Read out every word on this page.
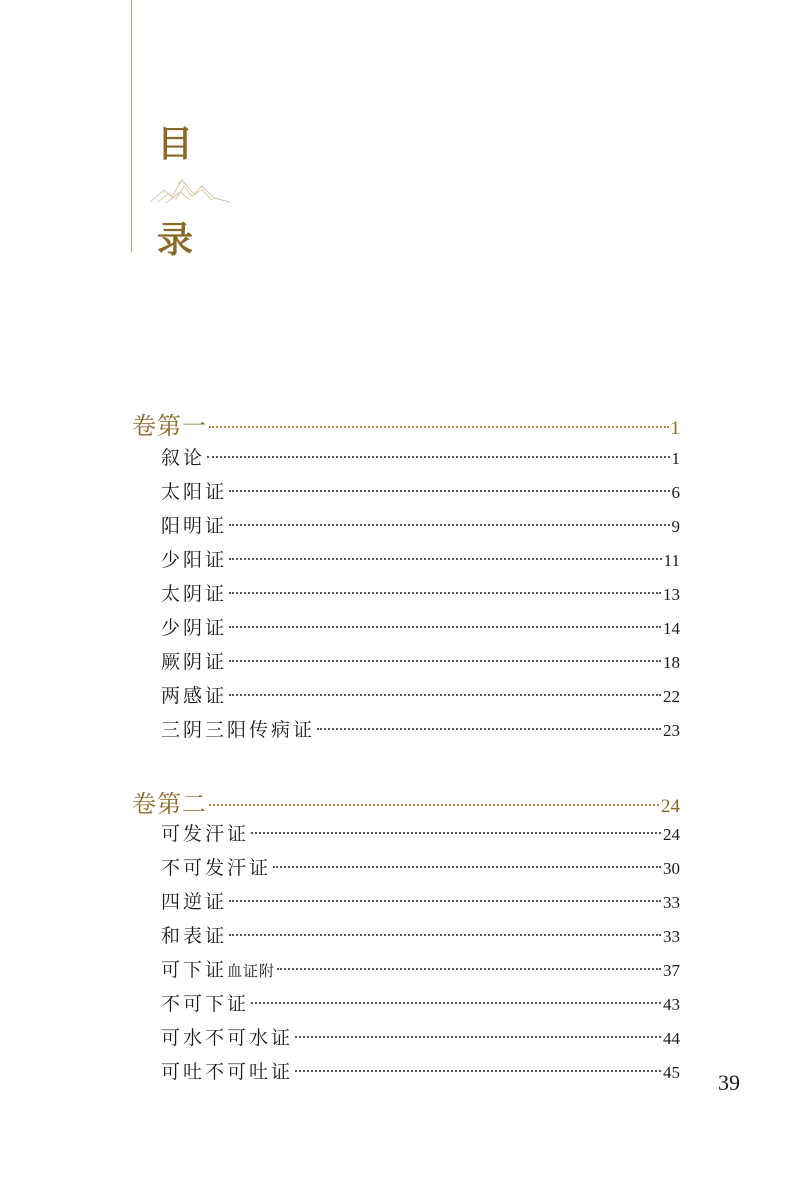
目
录
卷第一	1
叙论	1
太阳证	6
阳明证	9
少阳证	11
太阴证	13
少阴证	14
厥阴证	18
两感证	22
三阴三阳传病证	23
卷第二	24
可发汗证	24
不可发汗证	30
四逆证	33
和表证	33
可下证血证附	37
不可下证	43
可水不可水证	44
可吐不可吐证	45 39
